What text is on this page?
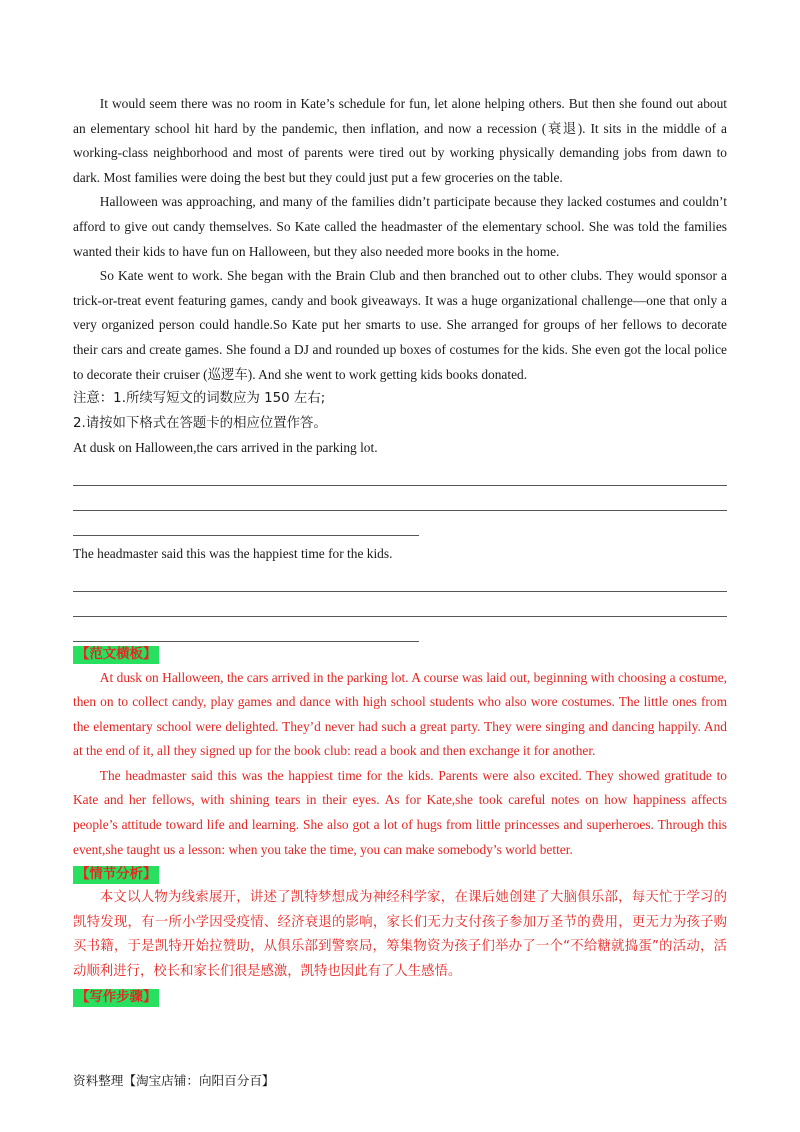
It would seem there was no room in Kate’s schedule for fun, let alone helping others. But then she found out about an elementary school hit hard by the pandemic, then inflation, and now a recession (衰退). It sits in the middle of a working-class neighborhood and most of parents were tired out by working physically demanding jobs from dawn to dark. Most families were doing the best but they could just put a few groceries on the table.

Halloween was approaching, and many of the families didn’t participate because they lacked costumes and couldn’t afford to give out candy themselves. So Kate called the headmaster of the elementary school. She was told the families wanted their kids to have fun on Halloween, but they also needed more books in the home.

So Kate went to work. She began with the Brain Club and then branched out to other clubs. They would sponsor a trick-or-treat event featuring games, candy and book giveaways. It was a huge organizational challenge—one that only a very organized person could handle.So Kate put her smarts to use. She arranged for groups of her fellows to decorate their cars and create games. She found a DJ and rounded up boxes of costumes for the kids. She even got the local police to decorate their cruiser (巡逻车). And she went to work getting kids books donated.

注意：1.所续写短文的词数应为 150 左右;

2.请按如下格式在答题卡的相应位置作答。

At dusk on Halloween,the cars arrived in the parking lot.

The headmaster said this was the happiest time for the kids.

【范文横板】

At dusk on Halloween, the cars arrived in the parking lot. A course was laid out, beginning with choosing a costume, then on to collect candy, play games and dance with high school students who also wore costumes. The little ones from the elementary school were delighted. They’d never had such a great party. They were singing and dancing happily. And at the end of it, all they signed up for the book club: read a book and then exchange it for another.

The headmaster said this was the happiest time for the kids. Parents were also excited. They showed gratitude to Kate and her fellows, with shining tears in their eyes. As for Kate,she took careful notes on how happiness affects people’s attitude toward life and learning. She also got a lot of hugs from little princesses and superheroes. Through this event,she taught us a lesson: when you take the time, you can make somebody’s world better.

【情节分析】

本文以人物为线索展开，讲述了凯特梦想成为神经科学家，在课后她创建了大脑俱乐部，每天忙于学习的凯特发现，有一所小学因受疫情、经济衰退的影响，家长们无力支付孩子参加万圣节的费用，更无力为孩子购买书籍，于是凯特开始拉赞助，从俱乐部到警察局，筹集物资为孩子们举办了一个“不给糖就捣蛋”的活动，活动顺利进行，校长和家长们很是感激，凯特也因此有了人生感悟。

【写作步骤】
资料整理【淘宝店铺：向阳百分百】
